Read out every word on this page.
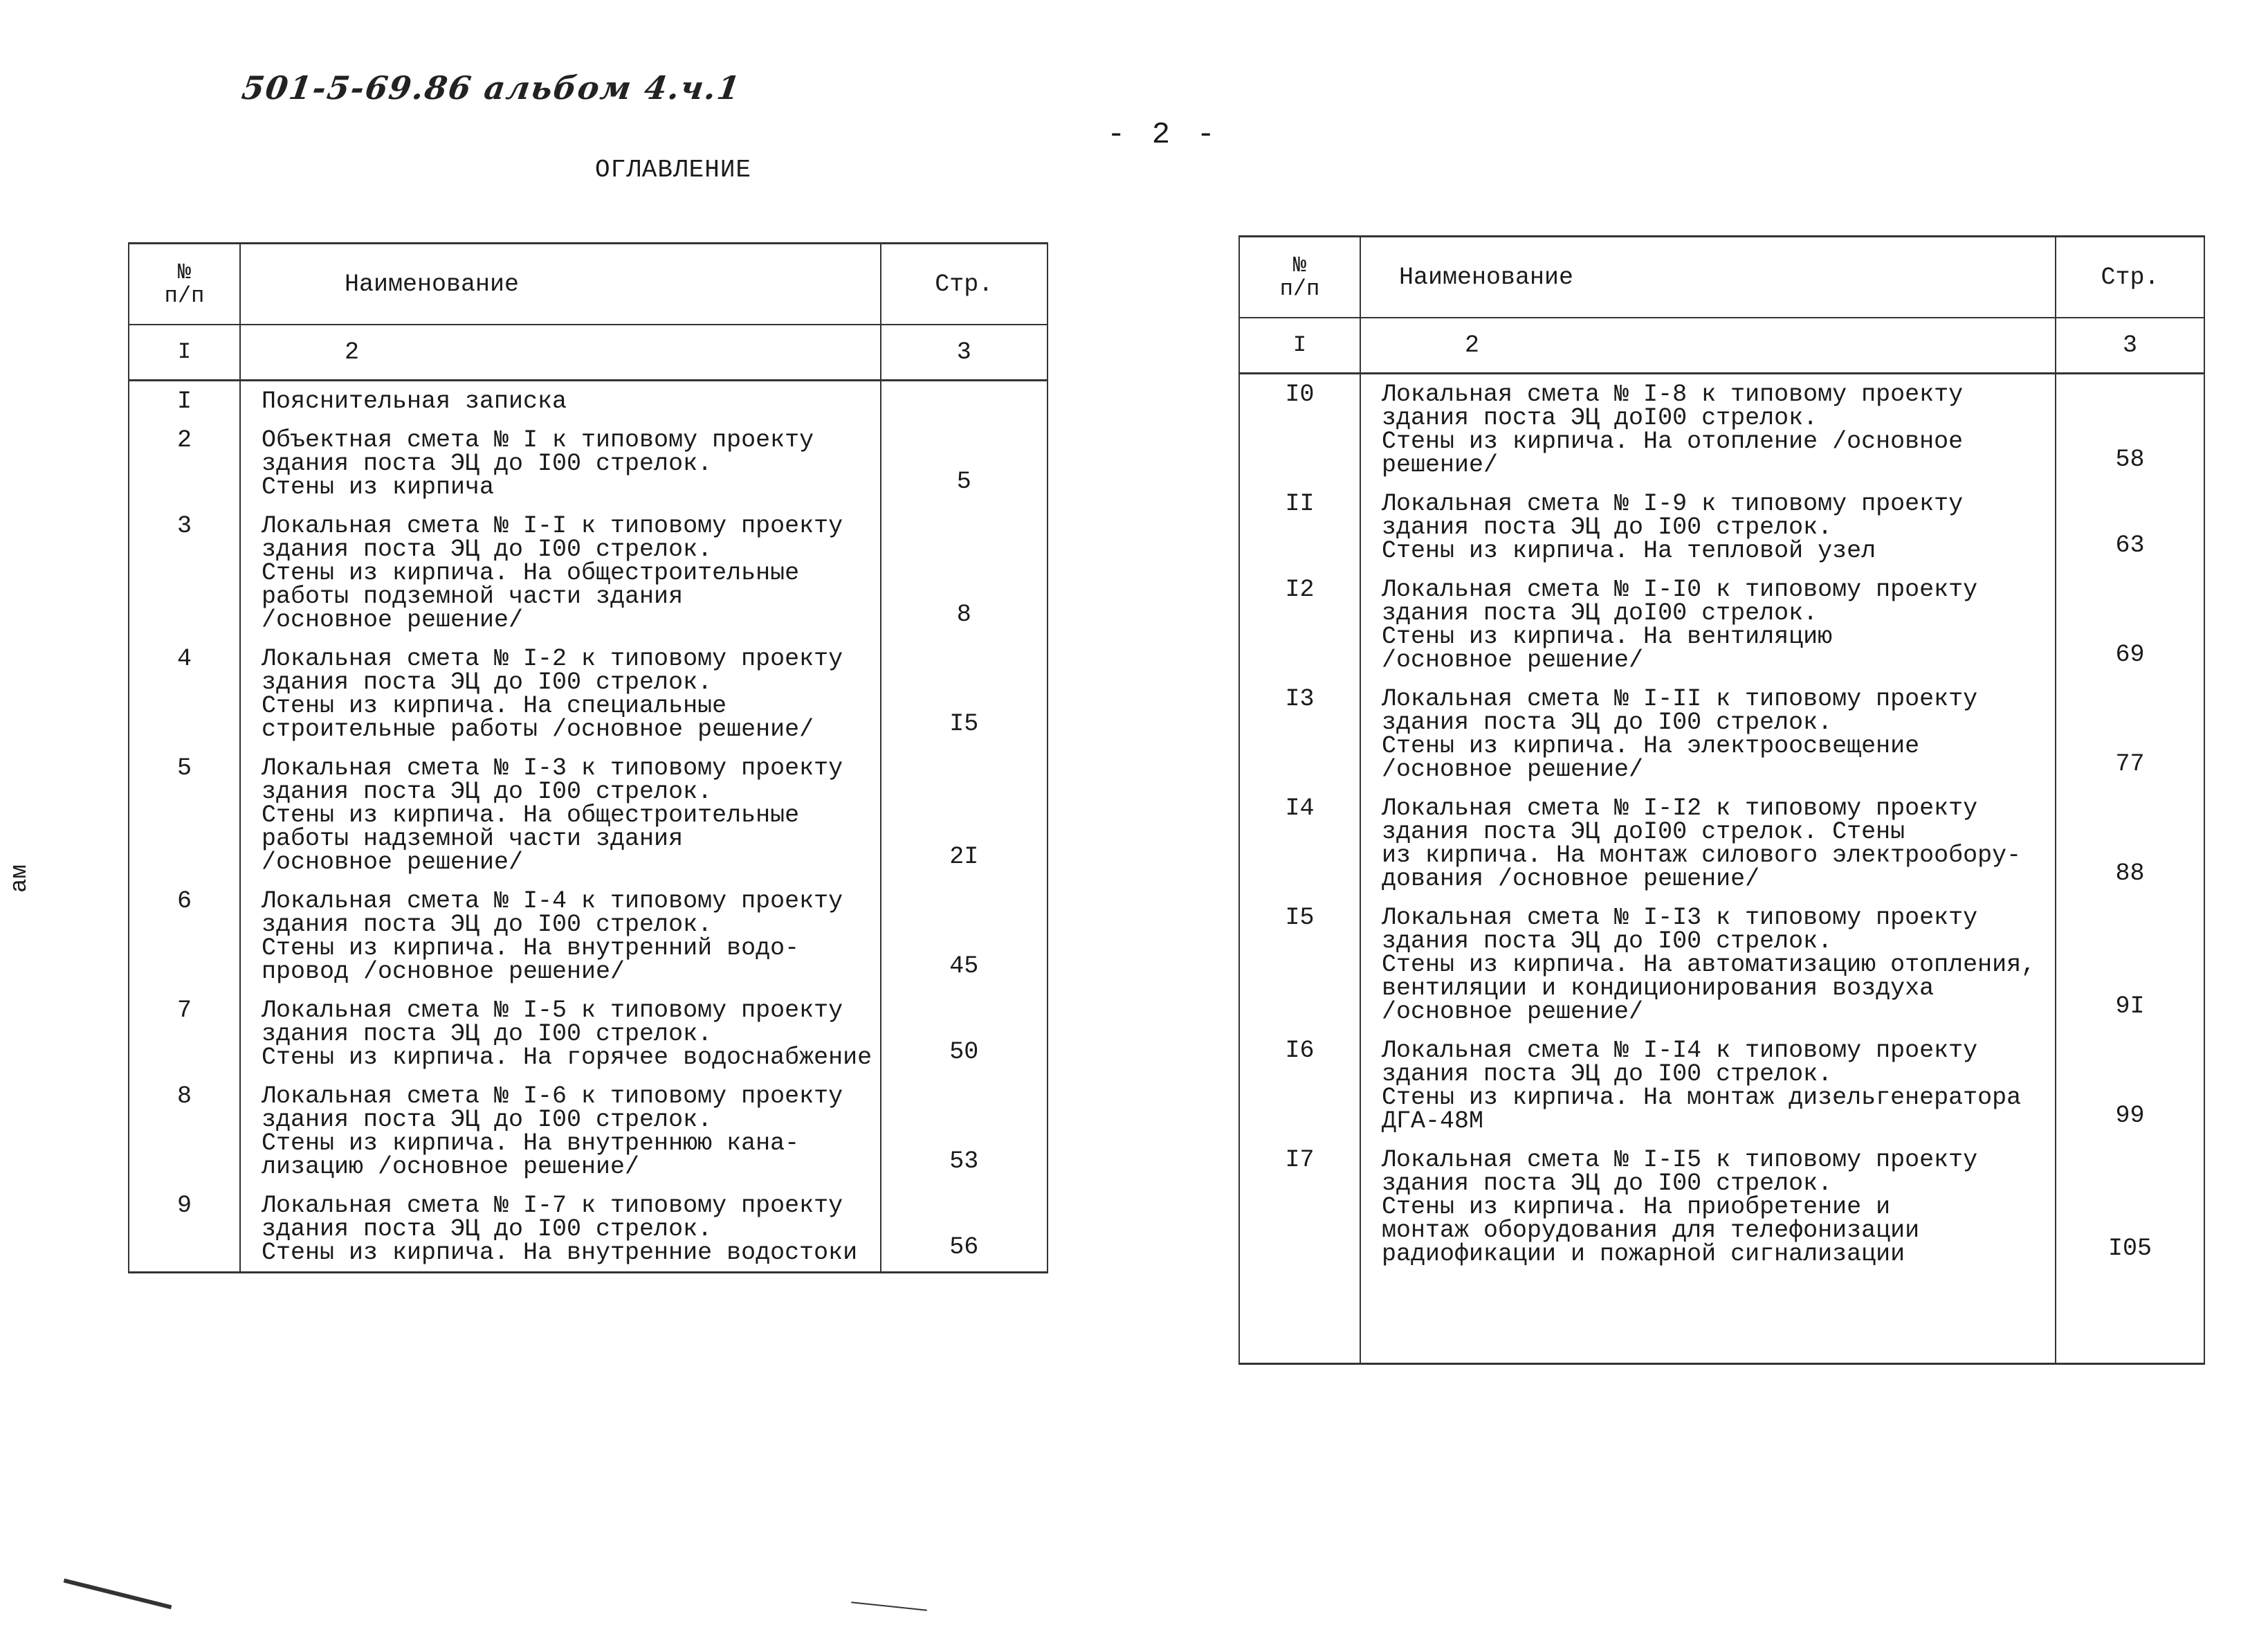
501-5-69.86 альбом 4.ч.1
- 2 -
ОГЛАВЛЕНИЕ
ам
№
п/п	Наименование	Стр.
I	2	3

I	Пояснительная записка	

2	Объектная смета № I к типовому проекту
здания поста ЭЦ до I00 стрелок.
Стены из кирпича	5

3	Локальная смета № I-I к типовому проекту
здания поста ЭЦ до I00 стрелок.
Стены из кирпича. На общестроительные
работы подземной части здания
/основное решение/	8

4	Локальная смета № I-2 к типовому проекту
здания поста ЭЦ до I00 стрелок.
Стены из кирпича. На специальные
строительные работы /основное решение/	I5

5	Локальная смета № I-3 к типовому проекту
здания поста ЭЦ до I00 стрелок.
Стены из кирпича. На общестроительные
работы надземной части здания
/основное решение/	2I

6	Локальная смета № I-4 к типовому проекту
здания поста ЭЦ до I00 стрелок.
Стены из кирпича. На внутренний водо-
провод /основное решение/	45

7	Локальная смета № I-5 к типовому проекту
здания поста ЭЦ до I00 стрелок.
Стены из кирпича. На горячее водоснабжение	50

8	Локальная смета № I-6 к типовому проекту
здания поста ЭЦ до I00 стрелок.
Стены из кирпича. На внутреннюю кана-
лизацию /основное решение/	53

9	Локальная смета № I-7 к типовому проекту
здания поста ЭЦ до I00 стрелок.
Стены из кирпича. На внутренние водостоки	56
№
п/п	Наименование	Стр.
I	2	3

I0	Локальная смета № I-8 к типовому проекту
здания поста ЭЦ доI00 стрелок.
Стены из кирпича. На отопление /основное
решение/	58

II	Локальная смета № I-9 к типовому проекту
здания поста ЭЦ до I00 стрелок.
Стены из кирпича. На тепловой узел	63

I2	Локальная смета № I-I0 к типовому проекту
здания поста ЭЦ доI00 стрелок.
Стены из кирпича. На вентиляцию
/основное решение/	69

I3	Локальная смета № I-II к типовому проекту
здания поста ЭЦ до I00 стрелок.
Стены из кирпича. На электроосвещение
/основное решение/	77

I4	Локальная смета № I-I2 к типовому проекту
здания поста ЭЦ доI00 стрелок. Стены
из кирпича. На монтаж силового электрообору-
дования /основное решение/	88

I5	Локальная смета № I-I3 к типовому проекту
здания поста ЭЦ до I00 стрелок.
Стены из кирпича. На автоматизацию отопления,
вентиляции и кондиционирования воздуха
/основное решение/	9I

I6	Локальная смета № I-I4 к типовому проекту
здания поста ЭЦ до I00 стрелок.
Стены из кирпича. На монтаж дизельгенератора
ДГА-48М	99

I7	Локальная смета № I-I5 к типовому проекту
здания поста ЭЦ до I00 стрелок.
Стены из кирпича. На приобретение и
монтаж оборудования для телефонизации
радиофикации и пожарной сигнализации	I05
